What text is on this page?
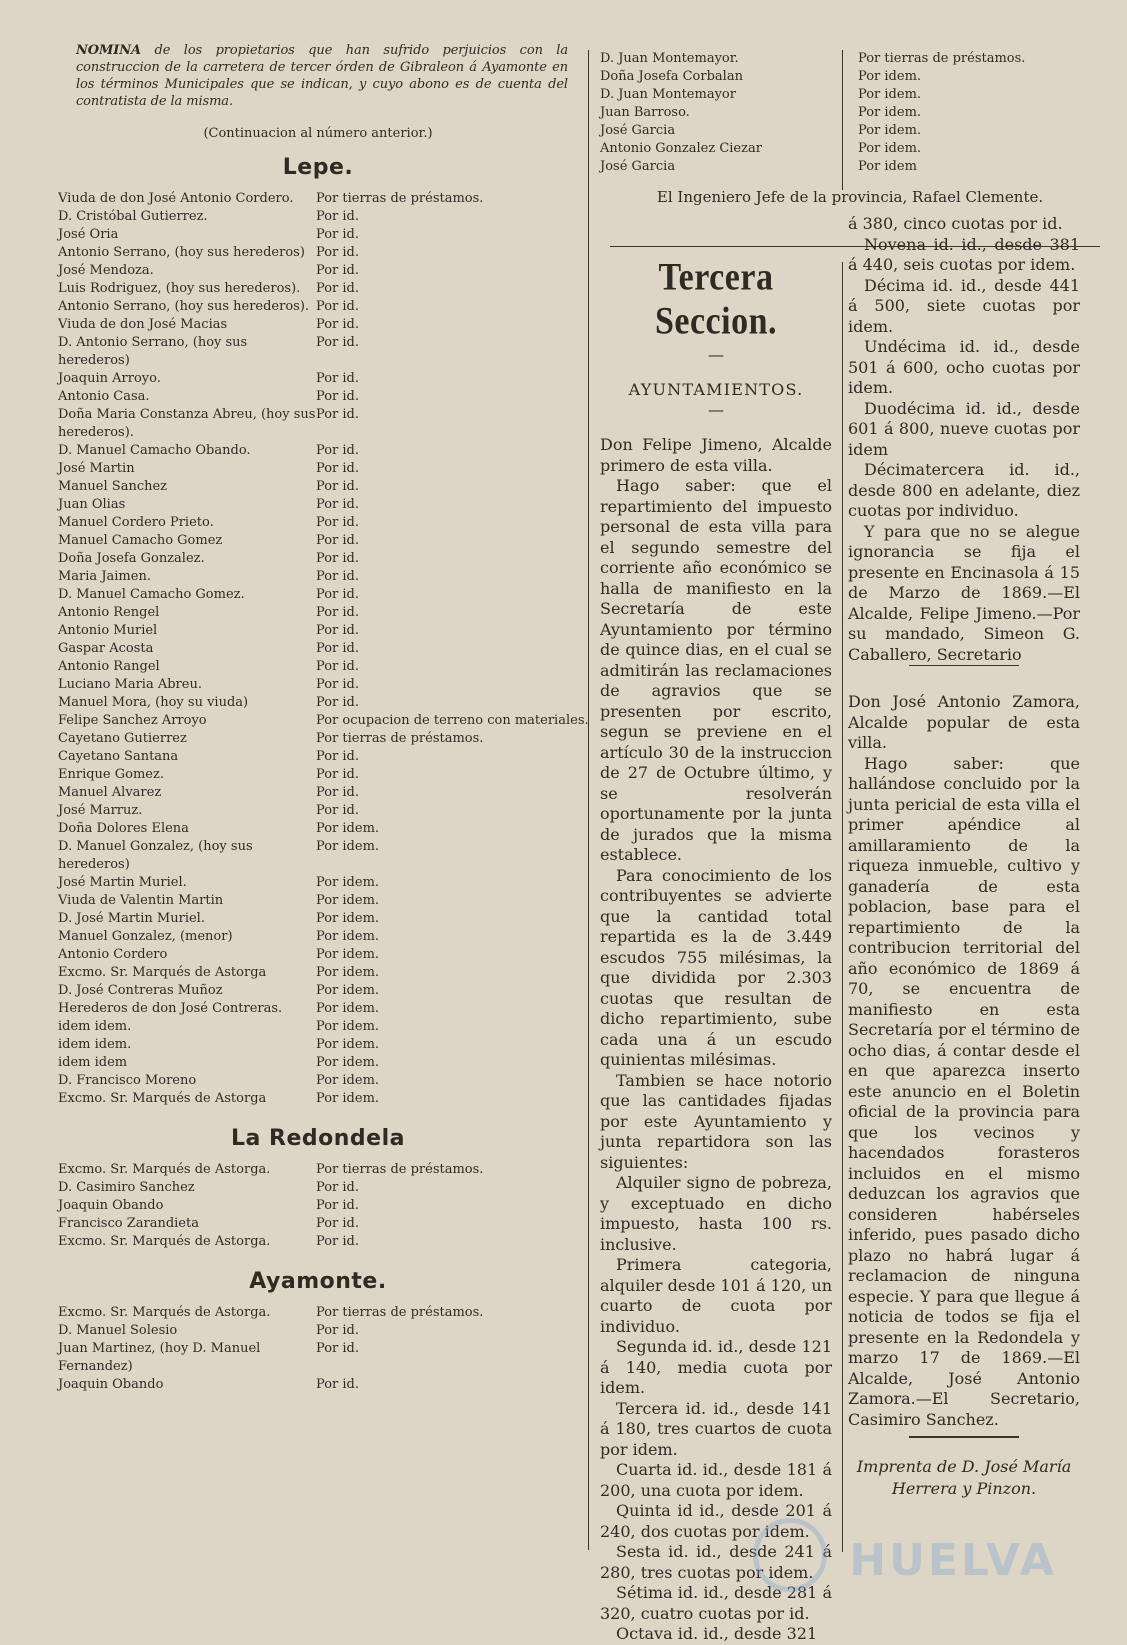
NOMINA de los propietarios que han sufrido perjuicios con la construccion de la carretera de tercer órden de Gibraleon á Ayamonte en los términos Municipales que se indican, y cuyo abono es de cuenta del contratista de la misma.

(Continuacion al número anterior.)
Lepe.
Viuda de don José Antonio Cordero.	Por tierras de préstamos.
D. Cristóbal Gutierrez.	Por id.
José Oria	Por id.
Antonio Serrano, (hoy sus herederos) Por id.
José Mendoza.	Por id.
Luis Rodriguez, (hoy sus herederos).	Por id.
Antonio Serrano, (hoy sus herederos). Por id.
Viuda de don José Macias	Por id.
D. Antonio Serrano, (hoy sus herederos)
Por id.
Joaquin Arroyo.	Por id.
Antonio Casa.	Por id.
Doña Maria Constanza Abreu, (hoy sus herederos).
Por id.
D. Manuel Camacho Obando.	Por id.
José Martin	Por id.
Manuel Sanchez	Por id.
Juan Olias	Por id.
Manuel Cordero Prieto.	Por id.
Manuel Camacho Gomez	Por id.
Doña Josefa Gonzalez.	Por id.
Maria Jaimen.	Por id.
D. Manuel Camacho Gomez.	Por id.
Antonio Rengel	Por id.
Antonio Muriel	Por id.
Gaspar Acosta	Por id.
Antonio Rangel	Por id.
Luciano Maria Abreu.	Por id.
Manuel Mora, (hoy su viuda)	Por id.
Felipe Sanchez Arroyo	Por ocupacion de terreno con materiales.
Cayetano Gutierrez	Por tierras de préstamos.
Cayetano Santana	Por id.
Enrique Gomez.	Por id.
Manuel Alvarez	Por id.
José Marruz.	Por id.
Doña Dolores Elena	Por idem.
D. Manuel Gonzalez, (hoy sus herederos)
Por idem.
José Martin Muriel.	Por idem.
Viuda de Valentin Martin	Por idem.
D. José Martin Muriel.	Por idem.
Manuel Gonzalez, (menor)	Por idem.
Antonio Cordero	Por idem.
Excmo. Sr. Marqués de Astorga	Por idem.
D. José Contreras Muñoz	Por idem.
Herederos de don José Contreras.	Por idem.
idem idem.	Por idem.
idem idem.	Por idem.
idem idem	Por idem.
D. Francisco Moreno	Por idem.
Excmo. Sr. Marqués de Astorga	Por idem.
La Redondela
Excmo. Sr. Marqués de Astorga.	Por tierras de préstamos.
D. Casimiro Sanchez	Por id.
Joaquin Obando	Por id.
Francisco Zarandieta	Por id.
Excmo. Sr. Marqués de Astorga.	Por id.
Ayamonte.
Excmo. Sr. Marqués de Astorga.	Por tierras de préstamos.
D. Manuel Solesio	Por id.
Juan Martinez, (hoy D. Manuel Fernandez)
Por id.
Joaquin Obando	Por id.
D. Juan Montemayor.	Por tierras de préstamos.
Doña Josefa Corbalan	Por idem.
D. Juan Montemayor	Por idem.
Juan Barroso.	Por idem.
José Garcia	Por idem.
Antonio Gonzalez Ciezar	Por idem.
José Garcia	Por idem
El Ingeniero Jefe de la provincia, Rafael Clemente.
Tercera Seccion.
—
AYUNTAMIENTOS.
—

Don Felipe Jimeno, Alcalde primero de esta villa.

Hago saber: que el repartimiento del impuesto personal de esta villa para el segundo semestre del corriente año económico se halla de manifiesto en la Secretaría de este Ayuntamiento por término de quince dias, en el cual se admitirán las reclamaciones de agravios que se presenten por escrito, segun se previene en el artículo 30 de la instruccion de 27 de Octubre último, y se resolverán oportunamente por la junta de jurados que la misma establece.

Para conocimiento de los contribuyentes se advierte que la cantidad total repartida es la de 3.449 escudos 755 milésimas, la que dividida por 2.303 cuotas que resultan de dicho repartimiento, sube cada una á un escudo quinientas milésimas.

Tambien se hace notorio que las cantidades fijadas por este Ayuntamiento y junta repartidora son las siguientes:

Alquiler signo de pobreza, y exceptuado en dicho impuesto, hasta 100 rs. inclusive.

Primera categoria, alquiler desde 101 á 120, un cuarto de cuota por individuo.

Segunda id. id., desde 121 á 140, media cuota por idem.

Tercera id. id., desde 141 á 180, tres cuartos de cuota por idem.

Cuarta id. id., desde 181 á 200, una cuota por idem.

Quinta id id., desde 201 á 240, dos cuotas por idem.

Sesta id. id., desde 241 á 280, tres cuotas por idem.

Sétima id. id., desde 281 á 320, cuatro cuotas por id.

Octava id. id., desde 321

á 380, cinco cuotas por id.

Novena id. id., desde 381 á 440, seis cuotas por idem.

Décima id. id., desde 441 á 500, siete cuotas por idem.

Undécima id. id., desde 501 á 600, ocho cuotas por idem.

Duodécima id. id., desde 601 á 800, nueve cuotas por idem

Décimatercera id. id., desde 800 en adelante, diez cuotas por individuo.

Y para que no se alegue ignorancia se fija el presente en Encinasola á 15 de Marzo de 1869.—El Alcalde, Felipe Jimeno.—Por su mandado, Simeon G. Caballero, Secretario

Don José Antonio Zamora, Alcalde popular de esta villa.

Hago saber: que hallándose concluido por la junta pericial de esta villa el primer apéndice al amillaramiento de la riqueza inmueble, cultivo y ganadería de esta poblacion, base para el repartimiento de la contribucion territorial del año económico de 1869 á 70, se encuentra de manifiesto en esta Secretaría por el término de ocho dias, á contar desde el en que aparezca inserto este anuncio en el Boletin oficial de la provincia para que los vecinos y hacendados forasteros incluidos en el mismo deduzcan los agravios que consideren habérseles inferido, pues pasado dicho plazo no habrá lugar á reclamacion de ninguna especie. Y para que llegue á noticia de todos se fija el presente en la Redondela y marzo 17 de 1869.—El Alcalde, José Antonio Zamora.—El Secretario, Casimiro Sanchez.

Imprenta de D. José María Herrera y Pinzon.
HUELVA
